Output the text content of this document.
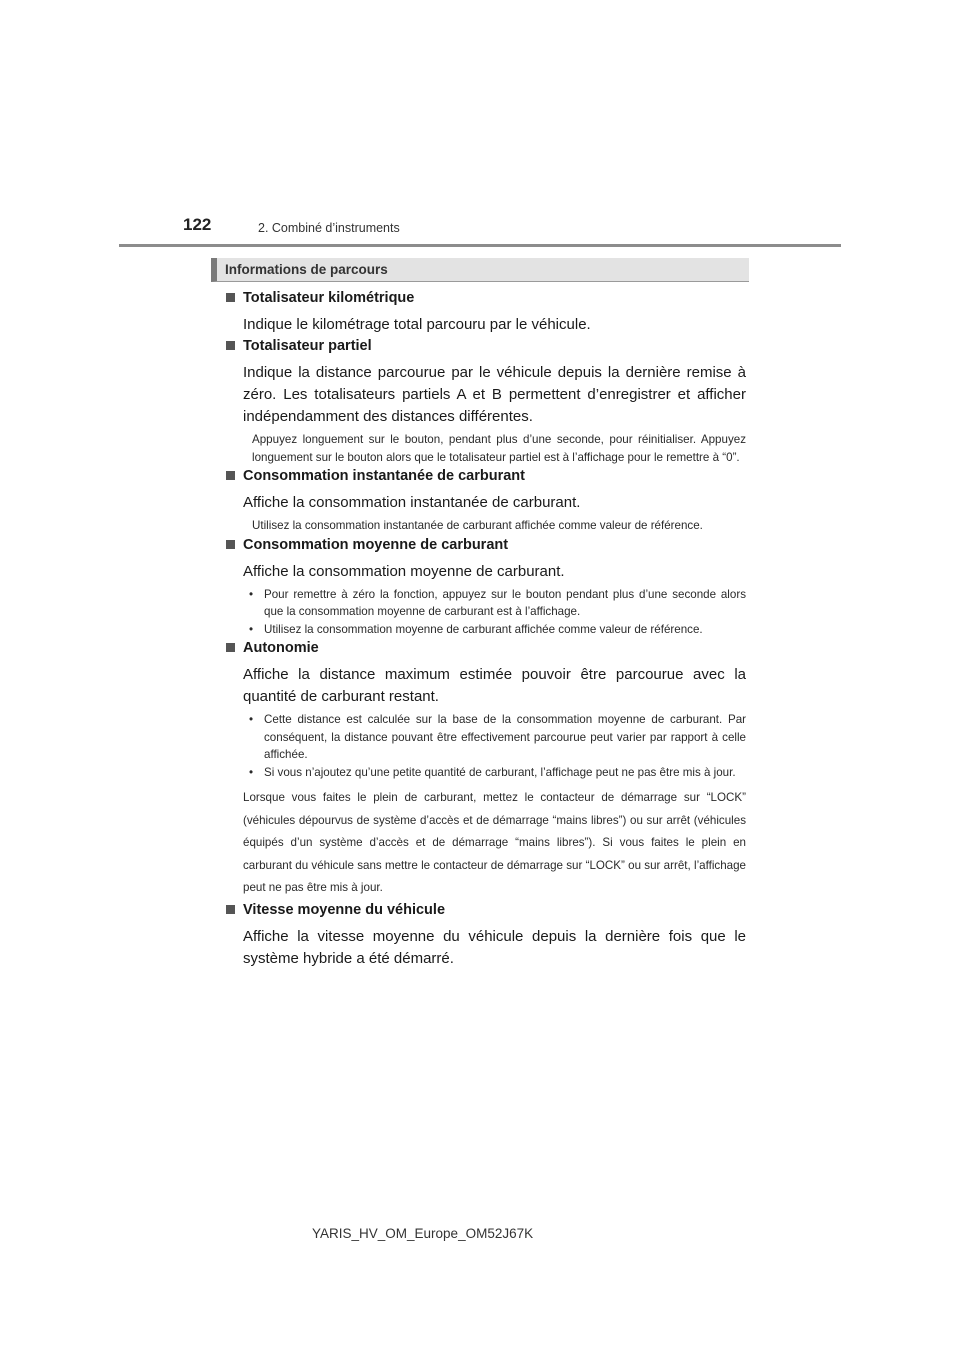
122	2. Combiné d’instruments
Informations de parcours
Totalisateur kilométrique
Indique le kilométrage total parcouru par le véhicule.
Totalisateur partiel
Indique la distance parcourue par le véhicule depuis la dernière remise à zéro. Les totalisateurs partiels A et B permettent d’enregistrer et afficher indépendamment des distances différentes.
Appuyez longuement sur le bouton, pendant plus d’une seconde, pour réinitialiser. Appuyez longuement sur le bouton alors que le totalisateur partiel est à l’affichage pour le remettre à “0”.
Consommation instantanée de carburant
Affiche la consommation instantanée de carburant.
Utilisez la consommation instantanée de carburant affichée comme valeur de référence.
Consommation moyenne de carburant
Affiche la consommation moyenne de carburant.
• Pour remettre à zéro la fonction, appuyez sur le bouton pendant plus d’une seconde alors que la consommation moyenne de carburant est à l’affichage.
• Utilisez la consommation moyenne de carburant affichée comme valeur de référence.
Autonomie
Affiche la distance maximum estimée pouvoir être parcourue avec la quantité de carburant restant.
• Cette distance est calculée sur la base de la consommation moyenne de carburant. Par conséquent, la distance pouvant être effectivement parcourue peut varier par rapport à celle affichée.
• Si vous n’ajoutez qu’une petite quantité de carburant, l’affichage peut ne pas être mis à jour.
Lorsque vous faites le plein de carburant, mettez le contacteur de démarrage sur “LOCK” (véhicules dépourvus de système d’accès et de démarrage “mains libres”) ou sur arrêt (véhicules équipés d’un système d’accès et de démarrage “mains libres”). Si vous faites le plein en carburant du véhicule sans mettre le contacteur de démarrage sur “LOCK” ou sur arrêt, l’affichage peut ne pas être mis à jour.
Vitesse moyenne du véhicule
Affiche la vitesse moyenne du véhicule depuis la dernière fois que le système hybride a été démarré.
YARIS_HV_OM_Europe_OM52J67K
